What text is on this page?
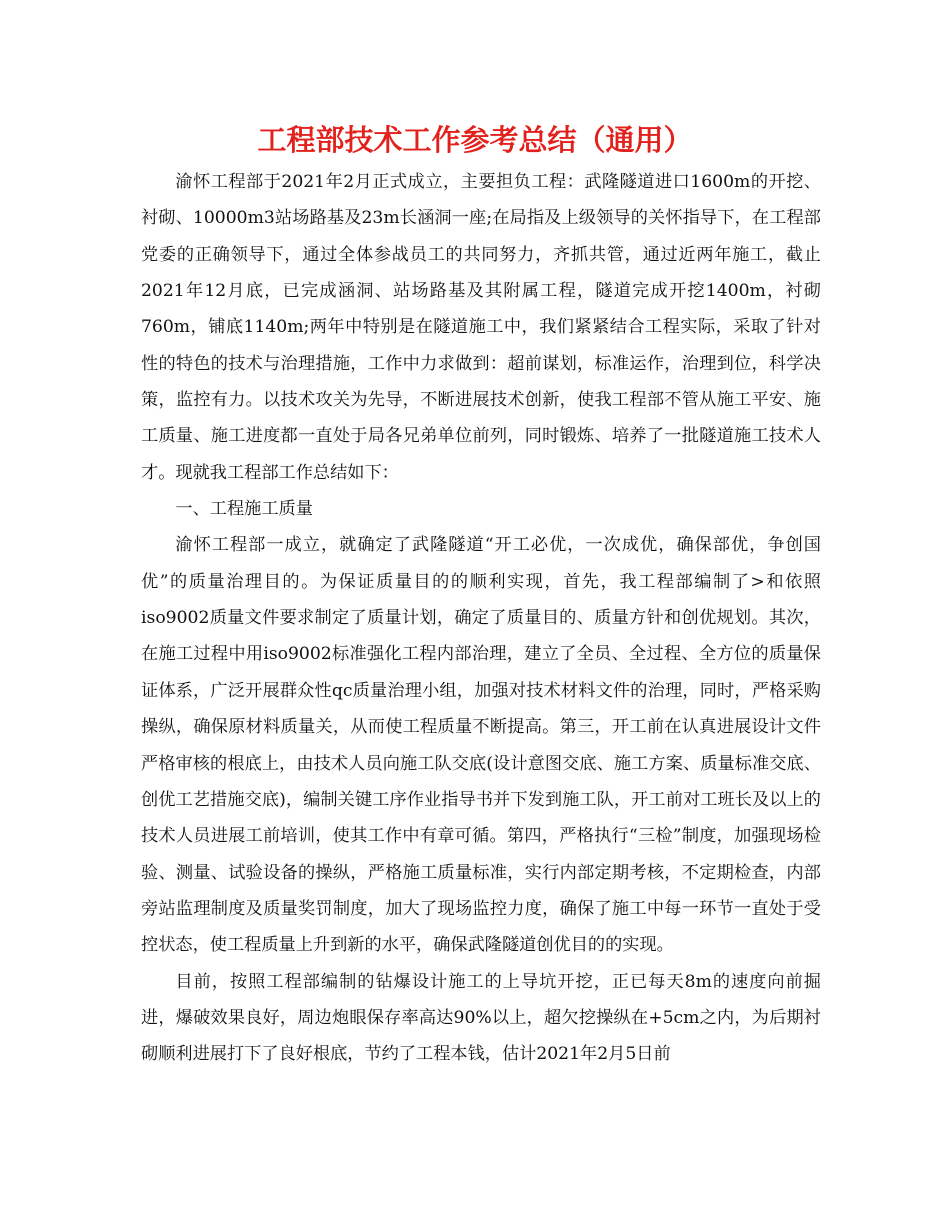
工程部技术工作参考总结（通用）

渝怀工程部于2021年2月正式成立，主要担负工程：武隆隧道进口1600m的开挖、衬砌、10000m3站场路基及23m长涵洞一座;在局指及上级领导的关怀指导下，在工程部党委的正确领导下，通过全体参战员工的共同努力，齐抓共管，通过近两年施工，截止2021年12月底，已完成涵洞、站场路基及其附属工程，隧道完成开挖1400m，衬砌760m，铺底1140m;两年中特别是在隧道施工中，我们紧紧结合工程实际，采取了针对性的特色的技术与治理措施，工作中力求做到：超前谋划，标准运作，治理到位，科学决策，监控有力。以技术攻关为先导，不断进展技术创新，使我工程部不管从施工平安、施工质量、施工进度都一直处于局各兄弟单位前列，同时锻炼、培养了一批隧道施工技术人才。现就我工程部工作总结如下：

一、工程施工质量

渝怀工程部一成立，就确定了武隆隧道“开工必优，一次成优，确保部优，争创国优”的质量治理目的。为保证质量目的的顺利实现，首先，我工程部编制了>和依照iso9002质量文件要求制定了质量计划，确定了质量目的、质量方针和创优规划。其次，在施工过程中用iso9002标准强化工程内部治理，建立了全员、全过程、全方位的质量保证体系，广泛开展群众性qc质量治理小组，加强对技术材料文件的治理，同时，严格采购操纵，确保原材料质量关，从而使工程质量不断提高。第三，开工前在认真进展设计文件严格审核的根底上，由技术人员向施工队交底(设计意图交底、施工方案、质量标准交底、创优工艺措施交底)，编制关键工序作业指导书并下发到施工队，开工前对工班长及以上的技术人员进展工前培训，使其工作中有章可循。第四，严格执行“三检”制度，加强现场检验、测量、试验设备的操纵，严格施工质量标准，实行内部定期考核，不定期检查，内部旁站监理制度及质量奖罚制度，加大了现场监控力度，确保了施工中每一环节一直处于受控状态，使工程质量上升到新的水平，确保武隆隧道创优目的的实现。

目前，按照工程部编制的钻爆设计施工的上导坑开挖，正已每天8m的速度向前掘进，爆破效果良好，周边炮眼保存率高达90%以上，超欠挖操纵在+5cm之内，为后期衬砌顺利进展打下了良好根底，节约了工程本钱，估计2021年2月5日前
